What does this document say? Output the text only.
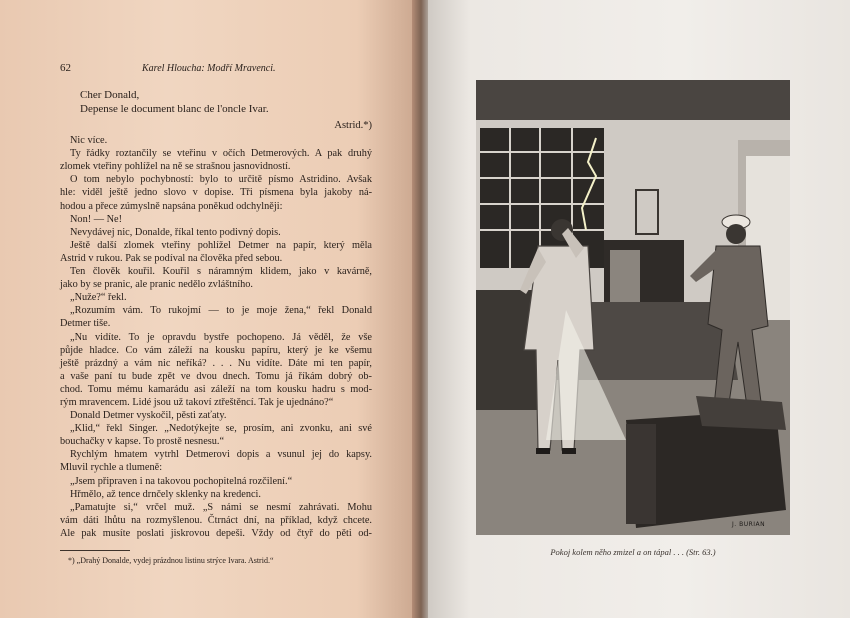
62	Karel Hloucha: Modří Mravenci.
Cher Donald,
Depense le document blanc de l'oncle Ivar.
Astrid.*)
Nic více.
Ty řádky roztančily se vteřinu v očích Detmerových. A pak druhý
zlomek vteřiny pohlížel na ně se strašnou jasnovidností.
O tom nebylo pochybností: bylo to určitě písmo Astridino. Avšak
hle: viděl ještě jedno slovo v dopise. Tři písmena byla jakoby ná-
hodou a přece zúmyslně napsána poněkud odchylněji:
Non! — Ne!
Nevydávej nic, Donalde, říkal tento podivný dopis.
Ještě další zlomek vteřiny pohlížel Detmer na papír, který měla
Astrid v rukou. Pak se podíval na člověka před sebou.
Ten člověk kouřil. Kouřil s náramným klidem, jako v kavárně,
jako by se pranic, ale pranic nedělo zvláštního.
„Nuže?“ řekl.
„Rozumím vám. To rukojmí — to je moje žena,“ řekl Donald
Detmer tiše.
„Nu vidíte. To je opravdu bystře pochopeno. Já věděl, že vše
půjde hladce. Co vám záleží na kousku papíru, který je ke všemu
ještě prázdný a vám nic neříká? . . . Nu vidíte. Dáte mi ten papír,
a vaše paní tu bude zpět ve dvou dnech. Tomu já říkám dobrý ob-
chod. Tomu mému kamarádu asi záleží na tom kousku hadru s mod-
rým mravencem. Lidé jsou už takoví ztřeštěncí. Tak je ujednáno?“
Donald Detmer vyskočil, pěsti zaťaty.
„Klid,“ řekl Singer. „Nedotýkejte se, prosím, ani zvonku, ani své
bouchačky v kapse. To prostě nesnesu.“
Rychlým hmatem vytrhl Detmerovi dopis a vsunul jej do kapsy.
Mluvil rychle a tlumeně:
„Jsem připraven i na takovou pochopitelná rozčilení.“
Hřmělo, až tence drnčely sklenky na kredenci.
„Pamatujte si,“ vrčel muž. „S námi se nesmí zahrávati. Mohu
vám dáti lhůtu na rozmyšlenou. Čtrnáct dní, na příklad, když chcete.
Ale pak musíte poslati jiskrovou depeši. Vždy od čtyř do pěti od-
*) „Drahý Donalde, vydej prázdnou listinu strýce Ivara. Astrid.“
J. BURIAN
Pokoj kolem něho zmizel a on tápal . . . (Str. 63.)
